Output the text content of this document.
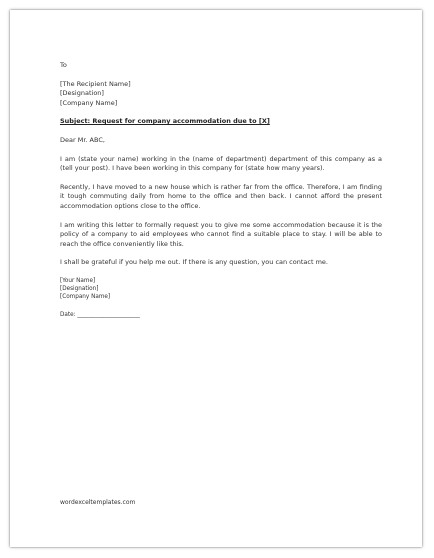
To
[The Recipient Name]
[Designation]
[Company Name]
Subject: Request for company accommodation due to [X]
Dear Mr. ABC,

I am (state your name) working in the (name of department) department of this company as a (tell your post). I have been working in this company for (state how many years).

Recently, I have moved to a new house which is rather far from the office. Therefore, I am finding it tough commuting daily from home to the office and then back. I cannot afford the present accommodation options close to the office.

I am writing this letter to formally request you to give me some accommodation because it is the policy of a company to aid employees who cannot find a suitable place to stay. I will be able to reach the office conveniently like this.

I shall be grateful if you help me out. If there is any question, you can contact me.

[Your Name]
[Designation]
[Company Name]
Date: ______________________
wordexceltemplates.com
